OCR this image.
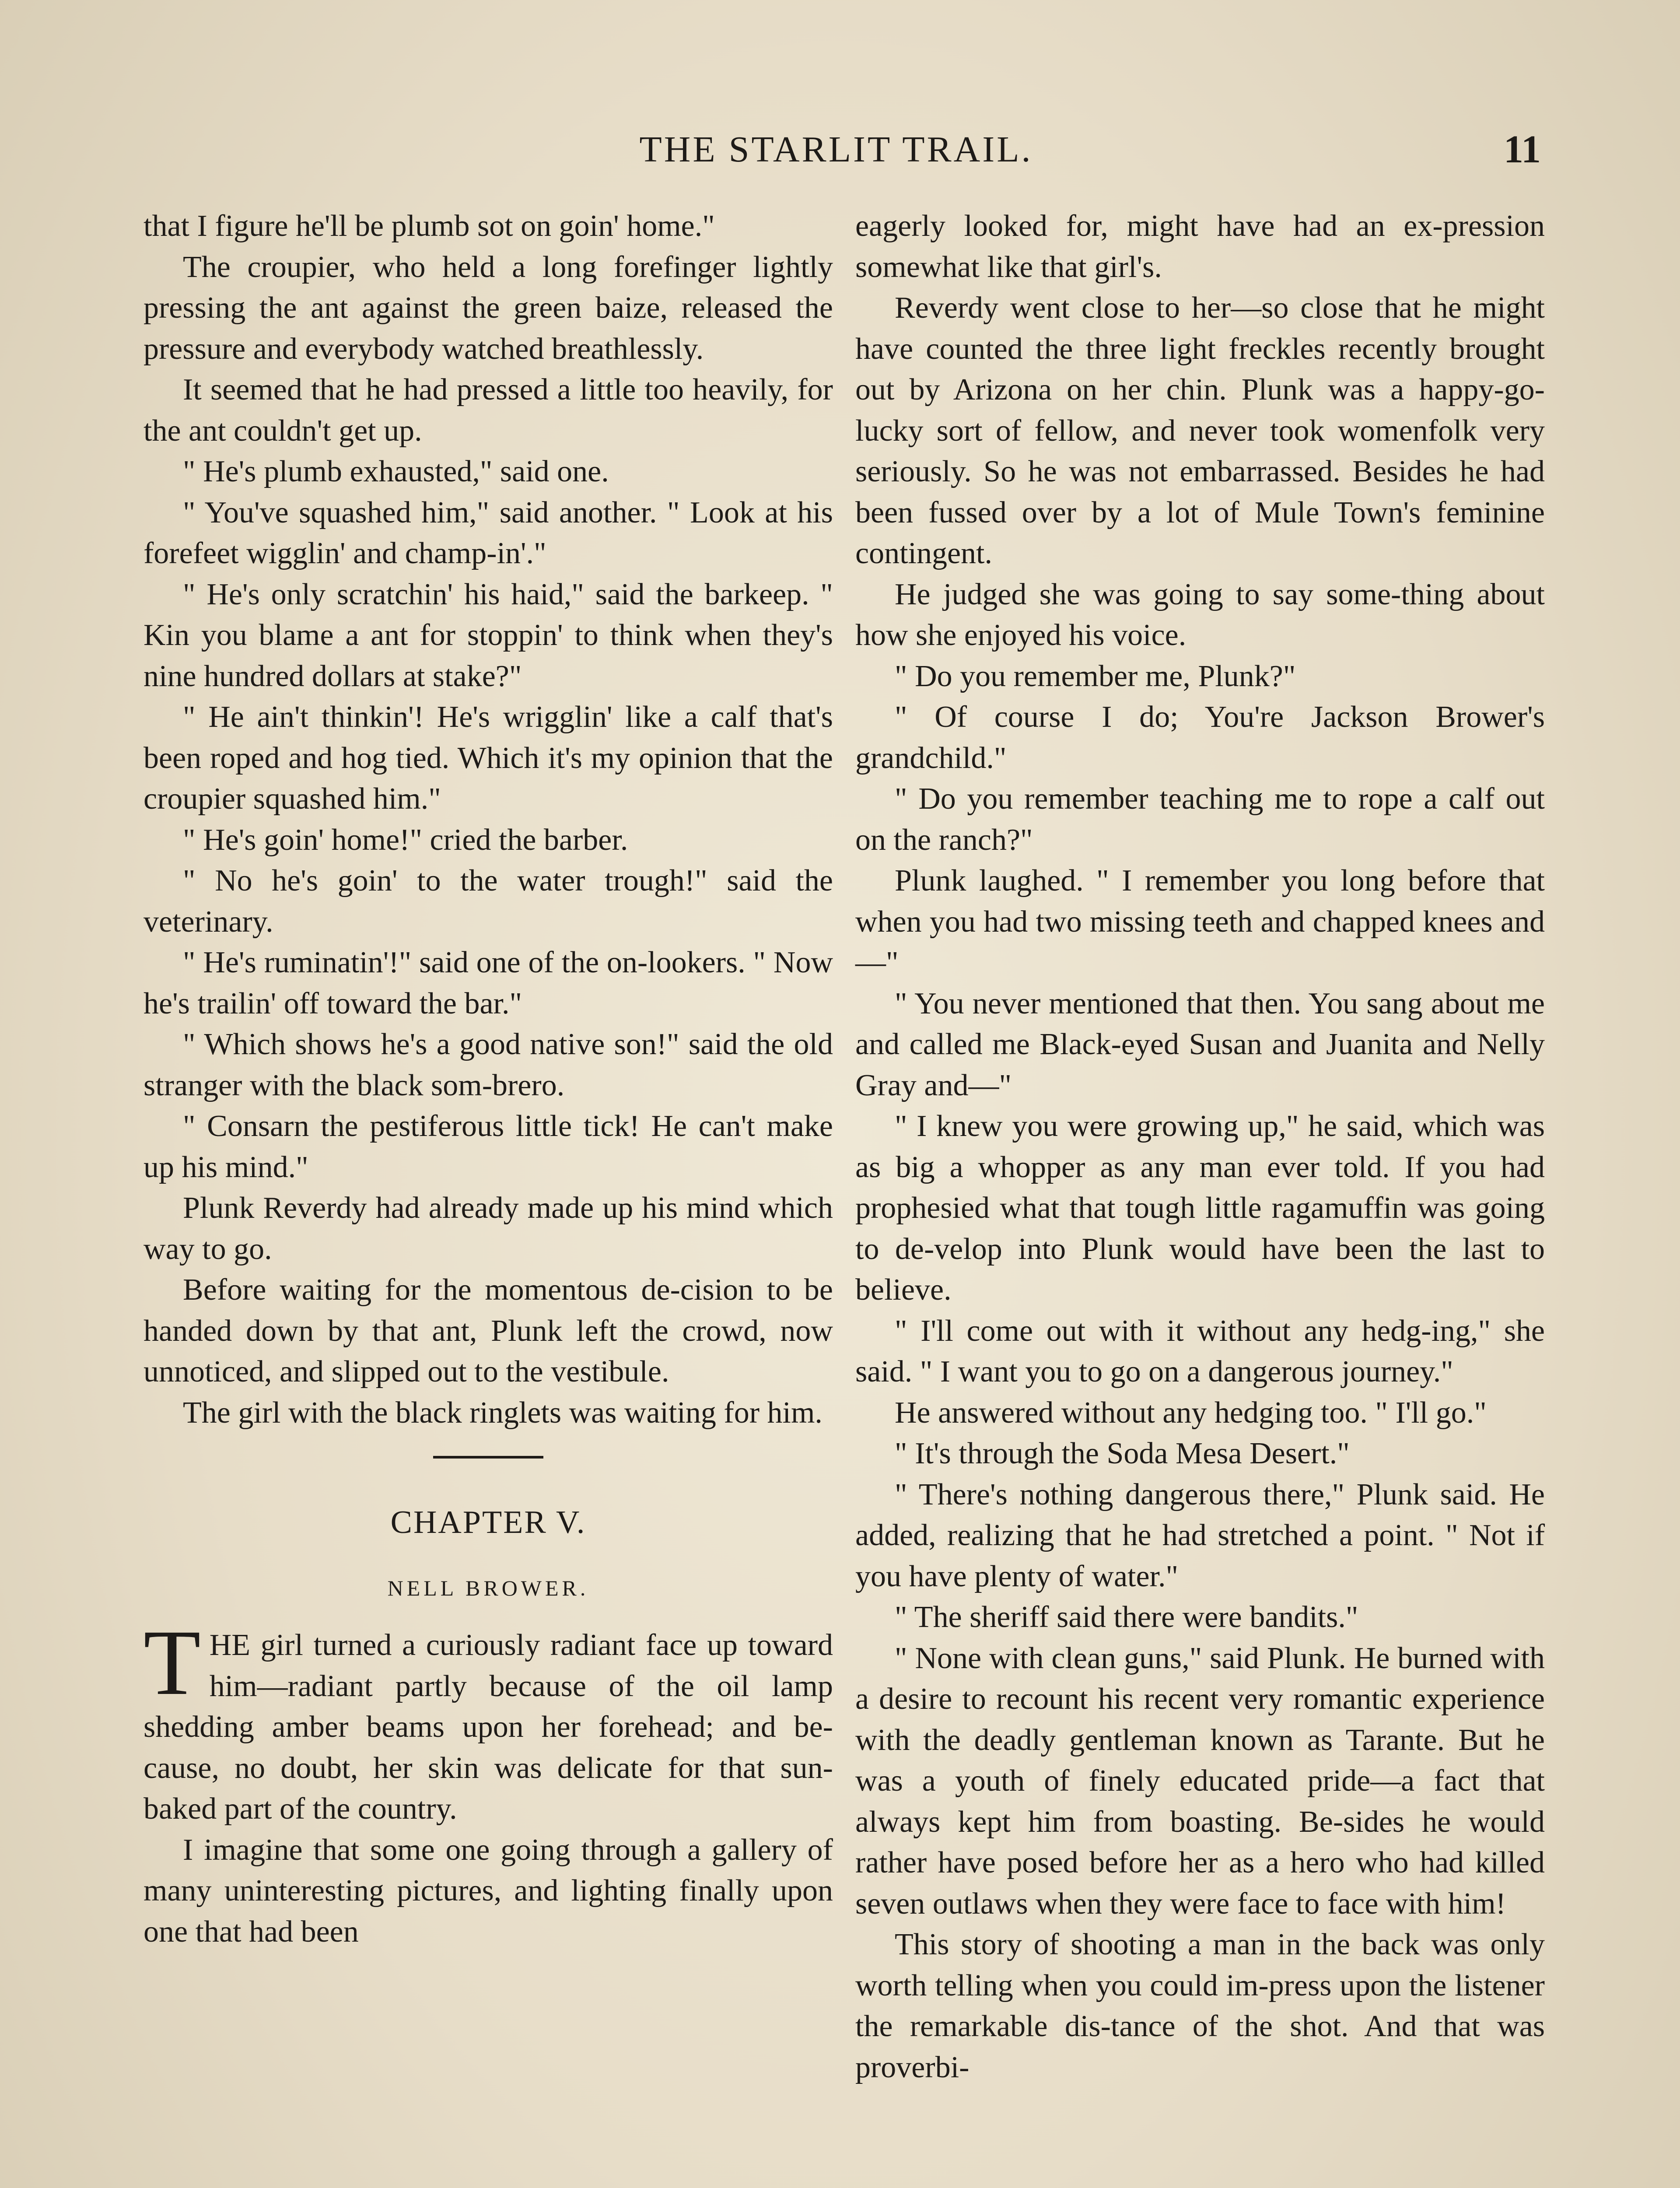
THE STARLIT TRAIL.	11

that I figure he'll be plumb sot on goin' home."

The croupier, who held a long forefinger lightly pressing the ant against the green baize, released the pressure and everybody watched breathlessly.

It seemed that he had pressed a little too heavily, for the ant couldn't get up.

" He's plumb exhausted," said one.

" You've squashed him," said another. " Look at his forefeet wigglin' and champ-in'."

" He's only scratchin' his haid," said the barkeep. " Kin you blame a ant for stoppin' to think when they's nine hundred dollars at stake?"

" He ain't thinkin'! He's wrigglin' like a calf that's been roped and hog tied. Which it's my opinion that the croupier squashed him."

" He's goin' home!" cried the barber.

" No he's goin' to the water trough!" said the veterinary.

" He's ruminatin'!" said one of the on-lookers. " Now he's trailin' off toward the bar."

" Which shows he's a good native son!" said the old stranger with the black som-brero.

" Consarn the pestiferous little tick! He can't make up his mind."

Plunk Reverdy had already made up his mind which way to go.

Before waiting for the momentous de-cision to be handed down by that ant, Plunk left the crowd, now unnoticed, and slipped out to the vestibule.

The girl with the black ringlets was waiting for him.

CHAPTER V.
NELL BROWER.

THE girl turned a curiously radiant face up toward him—radiant partly because of the oil lamp shedding amber beams upon her forehead; and be-cause, no doubt, her skin was delicate for that sun-baked part of the country.

I imagine that some one going through a gallery of many uninteresting pictures, and lighting finally upon one that had been

eagerly looked for, might have had an ex-pression somewhat like that girl's.

Reverdy went close to her—so close that he might have counted the three light freckles recently brought out by Arizona on her chin. Plunk was a happy-go-lucky sort of fellow, and never took womenfolk very seriously. So he was not embarrassed. Besides he had been fussed over by a lot of Mule Town's feminine contingent.

He judged she was going to say some-thing about how she enjoyed his voice.

" Do you remember me, Plunk?"

" Of course I do; You're Jackson Brower's grandchild."

" Do you remember teaching me to rope a calf out on the ranch?"

Plunk laughed. " I remember you long before that when you had two missing teeth and chapped knees and—"

" You never mentioned that then. You sang about me and called me Black-eyed Susan and Juanita and Nelly Gray and—"

" I knew you were growing up," he said, which was as big a whopper as any man ever told. If you had prophesied what that tough little ragamuffin was going to de-velop into Plunk would have been the last to believe.

" I'll come out with it without any hedg-ing," she said. " I want you to go on a dangerous journey."

He answered without any hedging too. " I'll go."

" It's through the Soda Mesa Desert."

" There's nothing dangerous there," Plunk said. He added, realizing that he had stretched a point. " Not if you have plenty of water."

" The sheriff said there were bandits."

" None with clean guns," said Plunk. He burned with a desire to recount his recent very romantic experience with the deadly gentleman known as Tarante. But he was a youth of finely educated pride—a fact that always kept him from boasting. Be-sides he would rather have posed before her as a hero who had killed seven outlaws when they were face to face with him!

This story of shooting a man in the back was only worth telling when you could im-press upon the listener the remarkable dis-tance of the shot. And that was proverbi-
